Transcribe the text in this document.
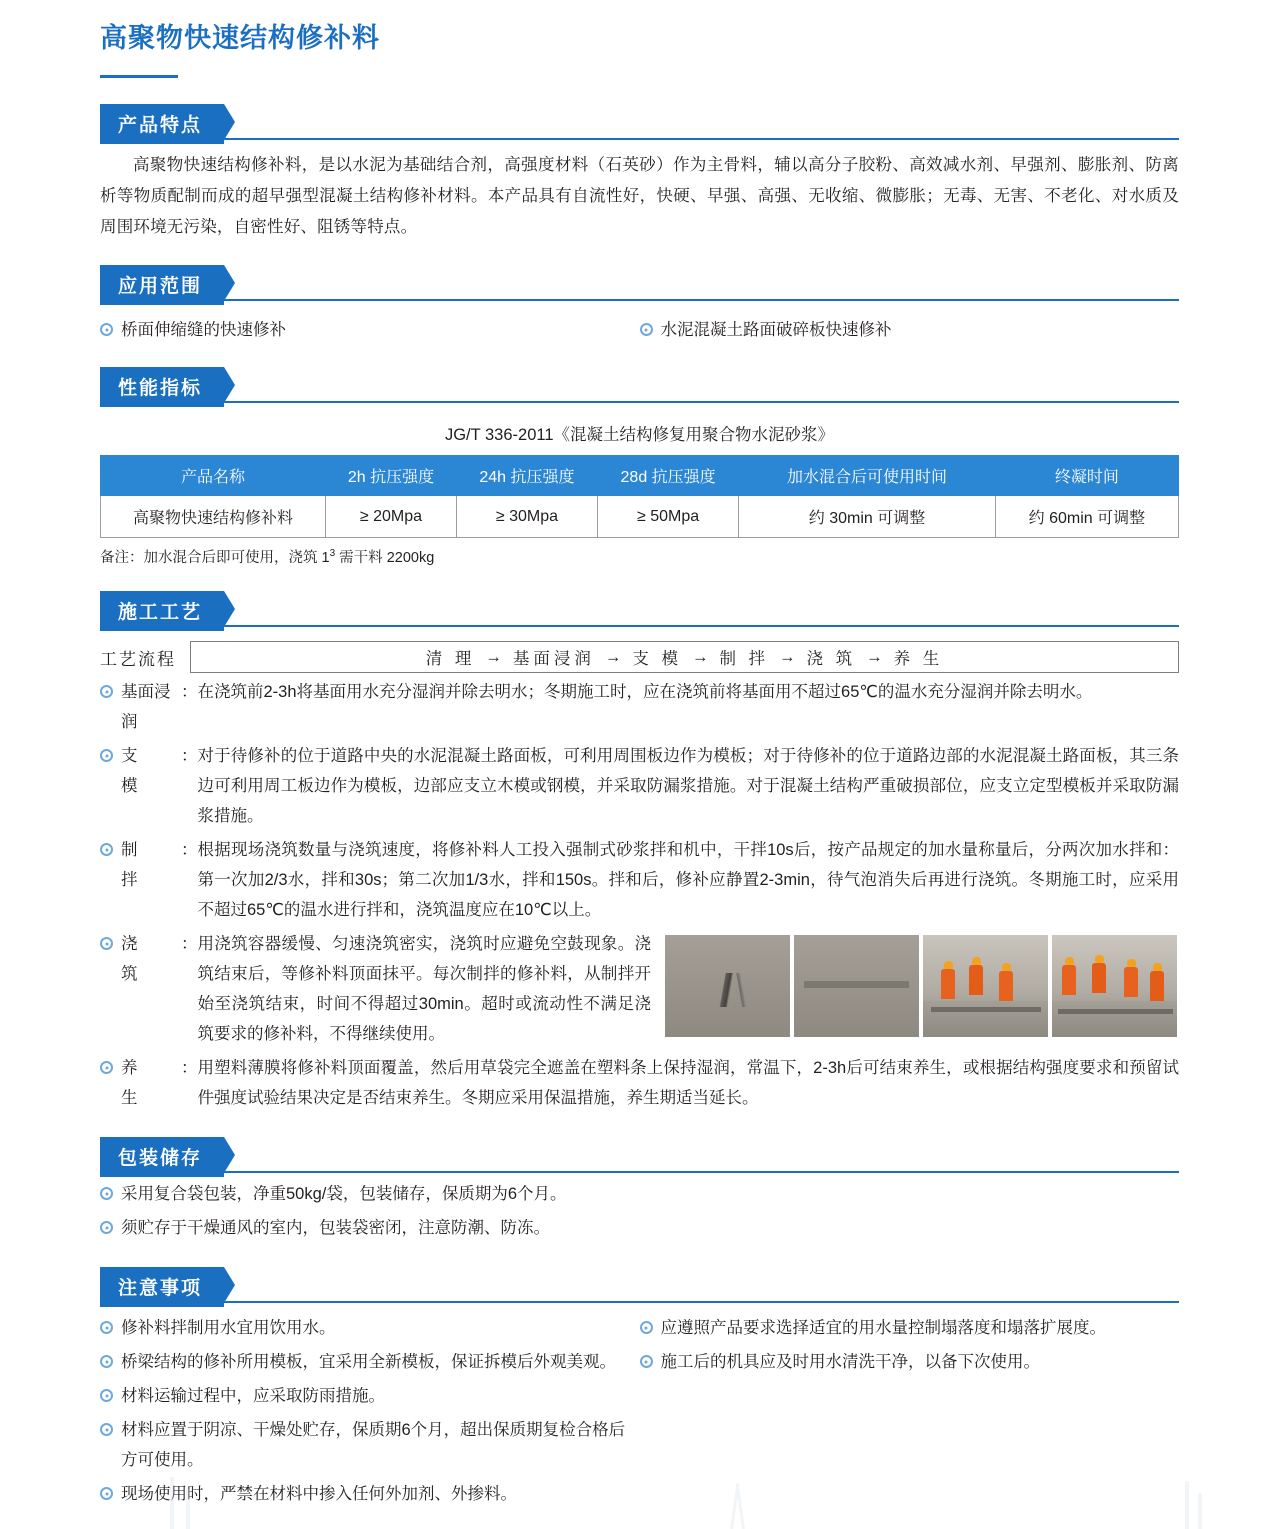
高聚物快速结构修补料
产品特点

高聚物快速结构修补料，是以水泥为基础结合剂，高强度材料（石英砂）作为主骨料，辅以高分子胶粉、高效减水剂、早强剂、膨胀剂、防离析等物质配制而成的超早强型混凝土结构修补材料。本产品具有自流性好，快硬、早强、高强、无收缩、微膨胀；无毒、无害、不老化、对水质及周围环境无污染，自密性好、阻锈等特点。

应用范围
桥面伸缩缝的快速修补	水泥混凝土路面破碎板快速修补
性能指标
JG/T 336-2011《混凝土结构修复用聚合物水泥砂浆》
产品名称	2h 抗压强度	24h 抗压强度	28d 抗压强度	加水混合后可使用时间	终凝时间
高聚物快速结构修补料	≥ 20Mpa	≥ 30Mpa	≥ 50Mpa	约 30min 可调整	约 60min 可调整
备注：加水混合后即可使用，浇筑 $1^3$ 需干料 2200kg
施工工艺
工艺流程	清 理 → 基面浸润 → 支 模 → 制 拌 → 浇 筑 → 养 生
基面浸润
： 在浇筑前2-3h将基面用水充分湿润并除去明水；冬期施工时，应在浇筑前将基面用不超过65℃的温水充分湿润并除去明水。
支　　模
： 对于待修补的位于道路中央的水泥混凝土路面板，可利用周围板边作为模板；对于待修补的位于道路边部的水泥混凝土路面板，其三条边可利用周工板边作为模板，边部应支立木模或钢模，并采取防漏浆措施。对于混凝土结构严重破损部位，应支立定型模板并采取防漏浆措施。
制　　拌
： 根据现场浇筑数量与浇筑速度，将修补料人工投入强制式砂浆拌和机中，干拌10s后，按产品规定的加水量称量后，分两次加水拌和：第一次加2/3水，拌和30s；第二次加1/3水，拌和150s。拌和后，修补应静置2-3min，待气泡消失后再进行浇筑。冬期施工时，应采用不超过65℃的温水进行拌和，浇筑温度应在10℃以上。
浇　　筑
： 用浇筑容器缓慢、匀速浇筑密实，浇筑时应避免空鼓现象。浇筑结束后，等修补料顶面抹平。每次制拌的修补料，从制拌开始至浇筑结束，时间不得超过30min。超时或流动性不满足浇筑要求的修补料，不得继续使用。
养　　生
： 用塑料薄膜将修补料顶面覆盖，然后用草袋完全遮盖在塑料条上保持湿润，常温下，2-3h后可结束养生，或根据结构强度要求和预留试件强度试验结果决定是否结束养生。冬期应采用保温措施，养生期适当延长。
包装储存
采用复合袋包装，净重50kg/袋，包装储存，保质期为6个月。
须贮存于干燥通风的室内，包装袋密闭，注意防潮、防冻。
注意事项
修补料拌制用水宜用饮用水。
桥梁结构的修补所用模板，宜采用全新模板，保证拆模后外观美观。
材料运输过程中，应采取防雨措施。
材料应置于阴凉、干燥处贮存，保质期6个月，超出保质期复检合格后方可使用。
现场使用时，严禁在材料中掺入任何外加剂、外掺料。
应遵照产品要求选择适宜的用水量控制塌落度和塌落扩展度。
施工后的机具应及时用水清洗干净，以备下次使用。
